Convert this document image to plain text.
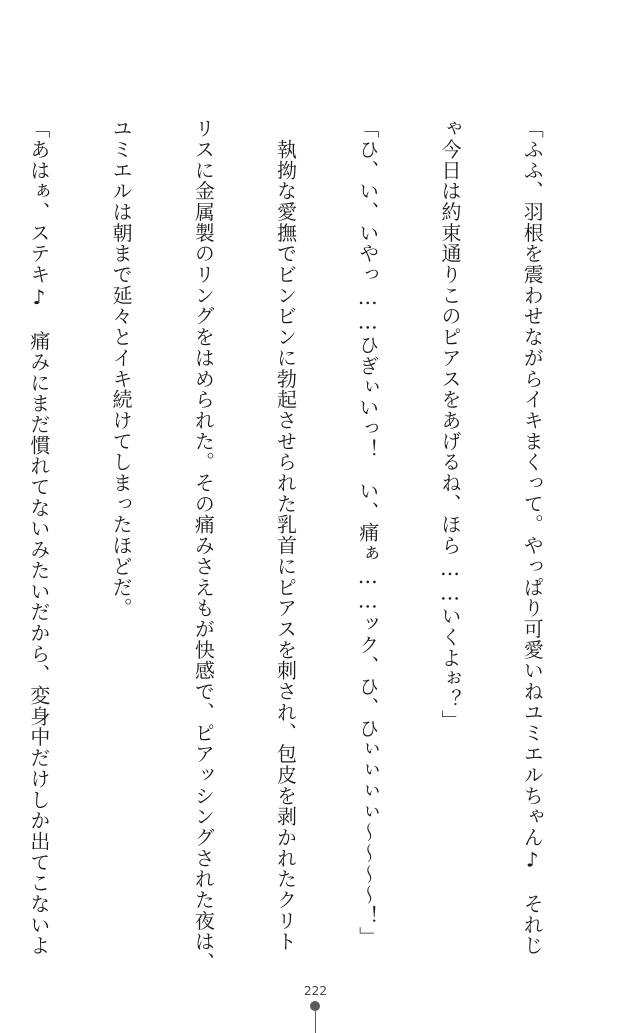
「ふふ、羽根を震わせながらイキまくって。やっぱり可愛いねユミエルちゃん♪　それじ

ゃ今日は約束通りこのピアスをあげるね、ほら……いくよぉ？」

「ひ、い、いやっ……ひぎぃいっ！　い、痛ぁ……ック、ひ、ひぃぃぃぃ〜〜〜〜！」

　執拗な愛撫でビンビンに勃起させられた乳首にピアスを刺され、包皮を剥かれたクリト

リスに金属製のリングをはめられた。その痛みさえもが快感で、ピアッシングされた夜は、

ユミエルは朝まで延々とイキ続けてしまったほどだ。

「あはぁ、ステキ♪　痛みにまだ慣れてないみたいだから、変身中だけしか出てこないよ

222
